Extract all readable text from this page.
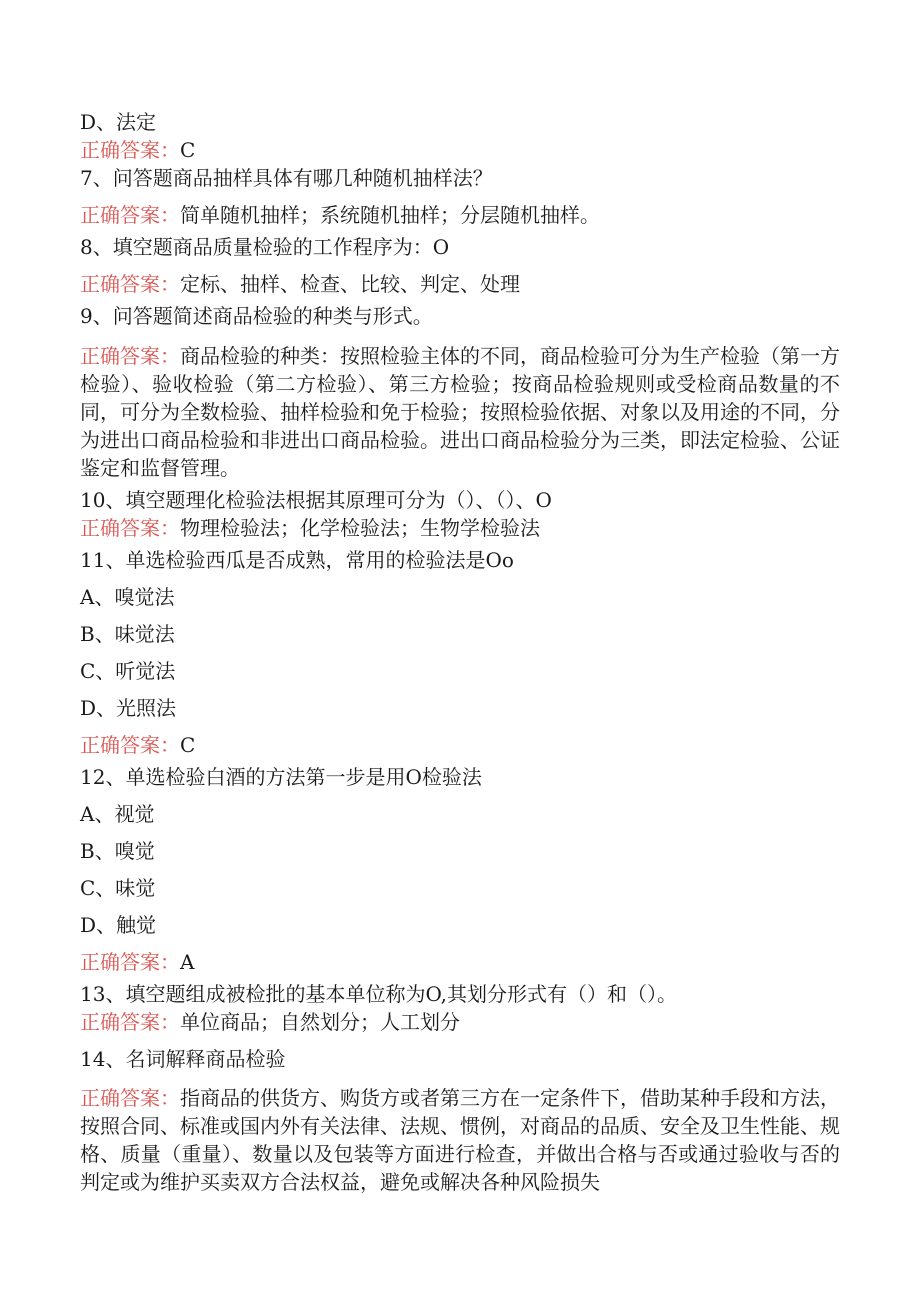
D、法定
正确答案：C
7、问答题商品抽样具体有哪几种随机抽样法？
正确答案：简单随机抽样；系统随机抽样；分层随机抽样。
8、填空题商品质量检验的工作程序为：O
正确答案：定标、抽样、检查、比较、判定、处理
9、问答题简述商品检验的种类与形式。
正确答案：商品检验的种类：按照检验主体的不同，商品检验可分为生产检验（第一方检验）、验收检验（第二方检验）、第三方检验；按商品检验规则或受检商品数量的不同，可分为全数检验、抽样检验和免于检验；按照检验依据、对象以及用途的不同，分为进出口商品检验和非进出口商品检验。进出口商品检验分为三类，即法定检验、公证鉴定和监督管理。
10、填空题理化检验法根据其原理可分为（）、（）、O
正确答案：物理检验法；化学检验法；生物学检验法
11、单选检验西瓜是否成熟，常用的检验法是Oo
A、嗅觉法
B、味觉法
C、听觉法
D、光照法
正确答案：C
12、单选检验白酒的方法第一步是用O检验法
A、视觉
B、嗅觉
C、味觉
D、触觉
正确答案：A
13、填空题组成被检批的基本单位称为O,其划分形式有（）和（）。
正确答案：单位商品；自然划分；人工划分
14、名词解释商品检验
正确答案：指商品的供货方、购货方或者第三方在一定条件下，借助某种手段和方法，按照合同、标准或国内外有关法律、法规、惯例，对商品的品质、安全及卫生性能、规格、质量（重量）、数量以及包装等方面进行检查，并做出合格与否或通过验收与否的判定或为维护买卖双方合法权益，避免或解决各种风险损失
